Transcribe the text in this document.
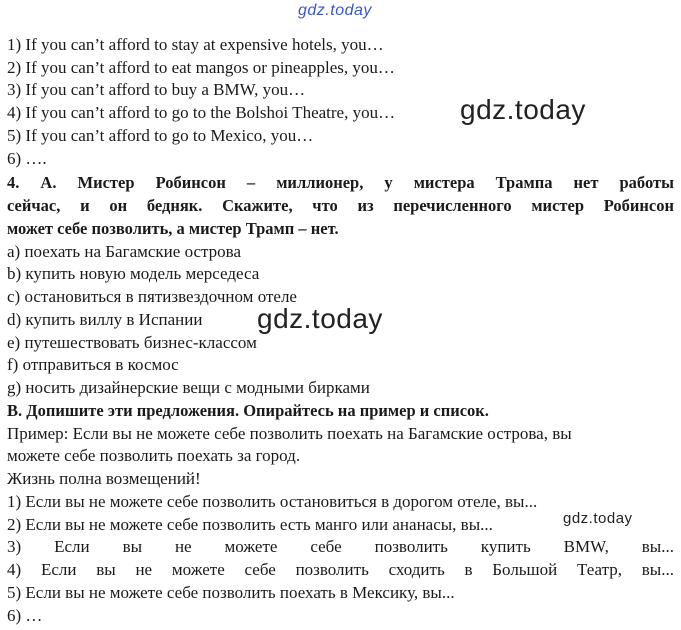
gdz.today
1) If you can’t afford to stay at expensive hotels, you…
2) If you can’t afford to eat mangos or pineapples, you…
3) If you can’t afford to buy a BMW, you…
4) If you can’t afford to go to the Bolshoi Theatre, you…
5) If you can’t afford to go to Mexico, you…
6) ….
gdz.today
4. А. Мистер Робинсон – миллионер, у мистера Трампа нет работы
сейчас, и он бедняк. Скажите, что из перечисленного мистер Робинсон
может себе позволить, а мистер Трамп – нет.
a) поехать на Багамские острова
b) купить новую модель мерседеса
c) остановиться в пятизвездочном отеле
d) купить виллу в Испании
e) путешествовать бизнес-классом
f) отправиться в космос
g) носить дизайнерские вещи с модными бирками
gdz.today
В. Допишите эти предложения. Опирайтесь на пример и список.
Пример: Если вы не можете себе позволить поехать на Багамские острова, вы
можете себе позволить поехать за город.
Жизнь полна возмещений!
1) Если вы не можете себе позволить остановиться в дорогом отеле, вы...
2) Если вы не можете себе позволить есть манго или ананасы, вы...
3) Если вы не можете себе позволить купить BMW, вы...
4) Если вы не можете себе позволить сходить в Большой Театр, вы...
5) Если вы не можете себе позволить поехать в Мексику, вы...
6) …
gdz.today
